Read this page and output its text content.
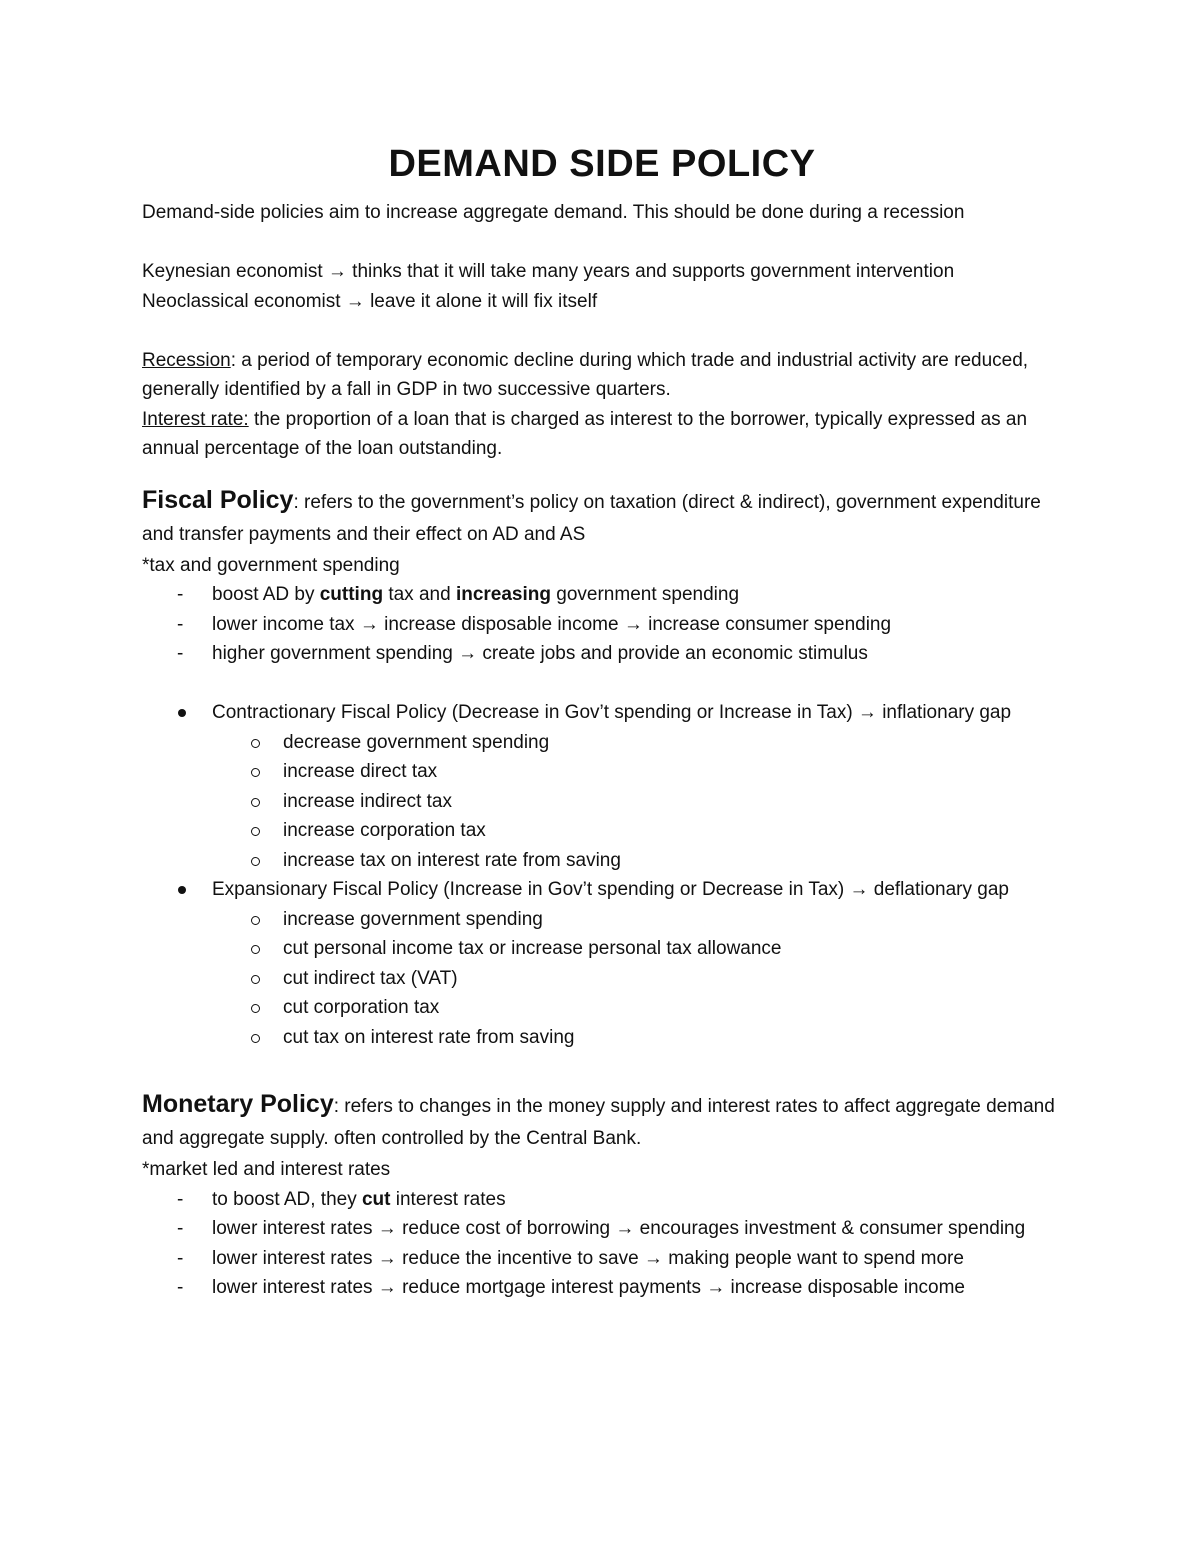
DEMAND SIDE POLICY

Demand-side policies aim to increase aggregate demand. This should be done during a recession

Keynesian economist → thinks that it will take many years and supports government intervention

Neoclassical economist → leave it alone it will fix itself

Recession: a period of temporary economic decline during which trade and industrial activity are reduced, generally identified by a fall in GDP in two successive quarters.

Interest rate: the proportion of a loan that is charged as interest to the borrower, typically expressed as an annual percentage of the loan outstanding.

Fiscal Policy: refers to the government’s policy on taxation (direct & indirect), government expenditure and transfer payments and their effect on AD and AS

*tax and government spending

- boost AD by cutting tax and increasing government spending
- lower income tax → increase disposable income → increase consumer spending
- higher government spending → create jobs and provide an economic stimulus
Contractionary Fiscal Policy (Decrease in Gov’t spending or Increase in Tax) → inflationary gap
decrease government spending
increase direct tax
increase indirect tax
increase corporation tax
increase tax on interest rate from saving
Expansionary Fiscal Policy (Increase in Gov’t spending or Decrease in Tax) → deflationary gap
increase government spending
cut personal income tax or increase personal tax allowance
cut indirect tax (VAT)
cut corporation tax
cut tax on interest rate from saving

Monetary Policy: refers to changes in the money supply and interest rates to affect aggregate demand and aggregate supply. often controlled by the Central Bank.

*market led and interest rates

- to boost AD, they cut interest rates
- lower interest rates → reduce cost of borrowing → encourages investment & consumer spending
- lower interest rates → reduce the incentive to save → making people want to spend more
- lower interest rates → reduce mortgage interest payments → increase disposable income
